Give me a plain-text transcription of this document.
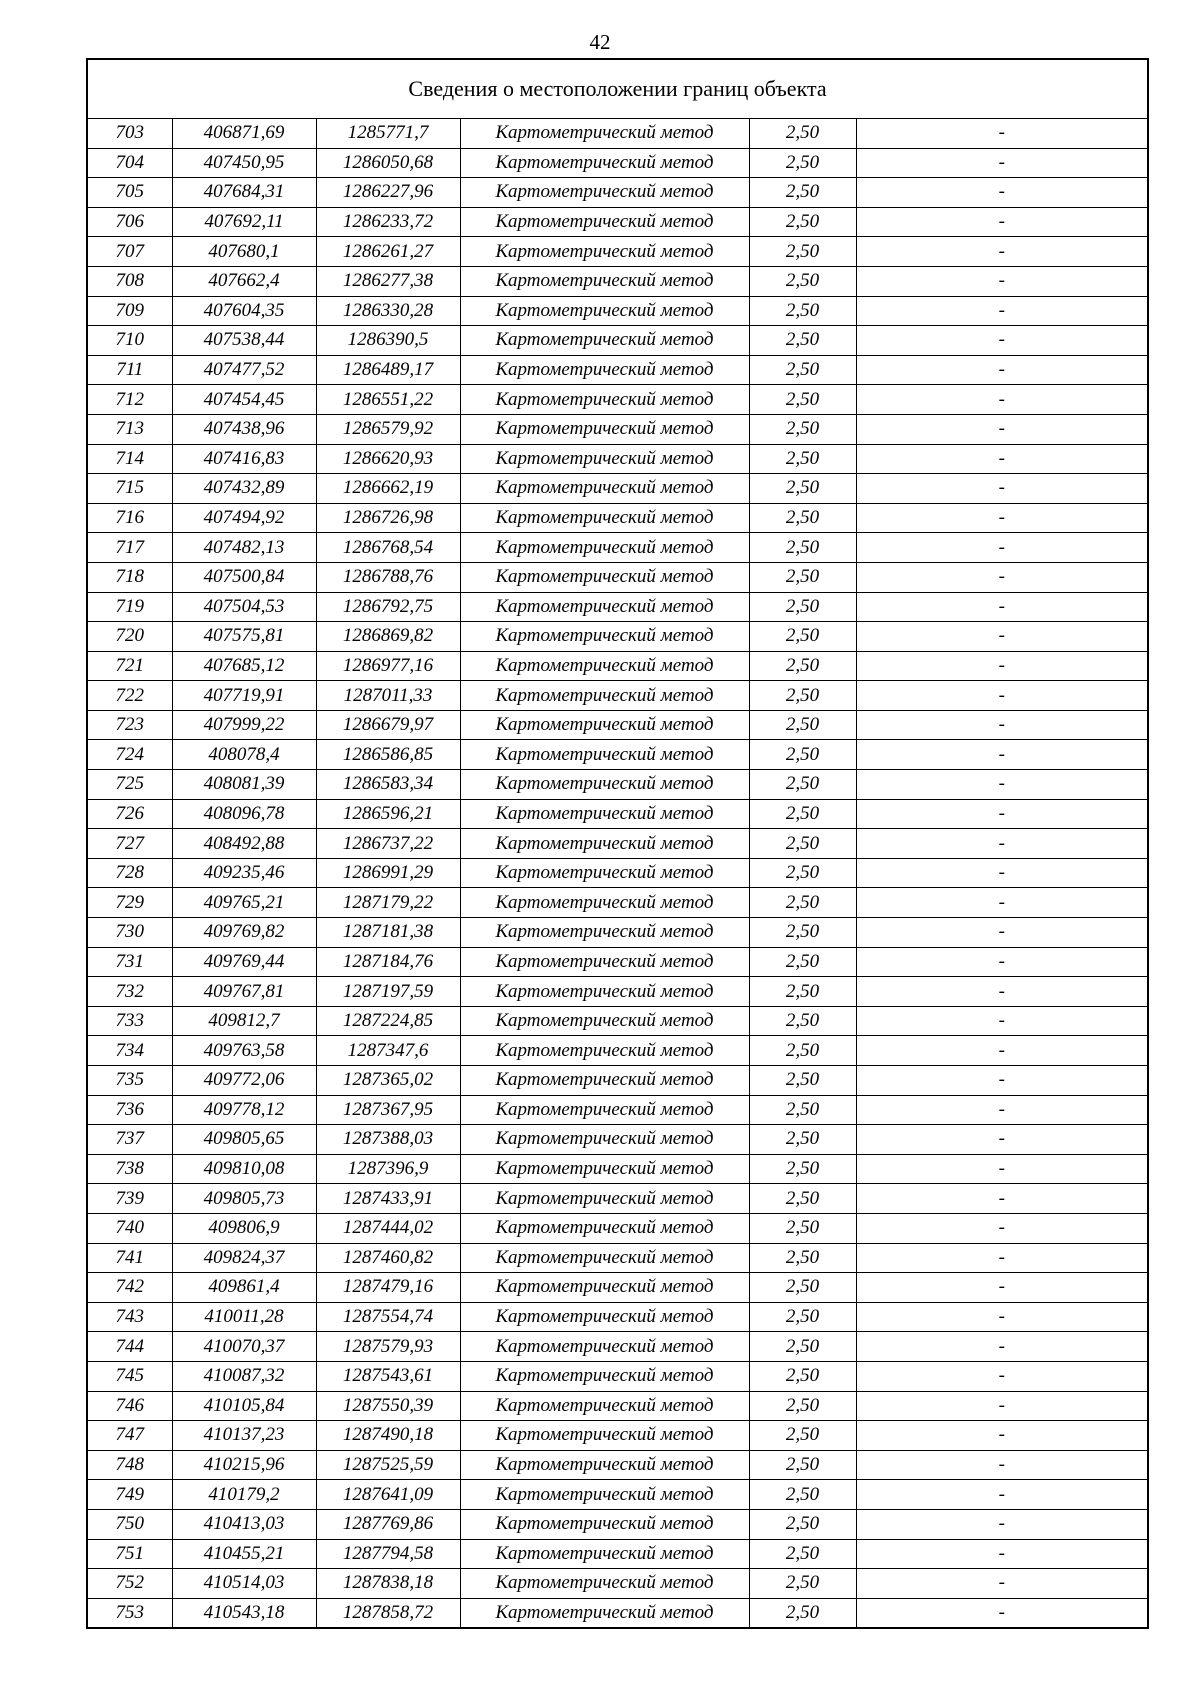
42
Сведения о местоположении границ объекта					
703	406871,69	1285771,7	Картометрический метод	2,50	-
704	407450,95	1286050,68	Картометрический метод	2,50	-
705	407684,31	1286227,96	Картометрический метод	2,50	-
706	407692,11	1286233,72	Картометрический метод	2,50	-
707	407680,1	1286261,27	Картометрический метод	2,50	-
708	407662,4	1286277,38	Картометрический метод	2,50	-
709	407604,35	1286330,28	Картометрический метод	2,50	-
710	407538,44	1286390,5	Картометрический метод	2,50	-
711	407477,52	1286489,17	Картометрический метод	2,50	-
712	407454,45	1286551,22	Картометрический метод	2,50	-
713	407438,96	1286579,92	Картометрический метод	2,50	-
714	407416,83	1286620,93	Картометрический метод	2,50	-
715	407432,89	1286662,19	Картометрический метод	2,50	-
716	407494,92	1286726,98	Картометрический метод	2,50	-
717	407482,13	1286768,54	Картометрический метод	2,50	-
718	407500,84	1286788,76	Картометрический метод	2,50	-
719	407504,53	1286792,75	Картометрический метод	2,50	-
720	407575,81	1286869,82	Картометрический метод	2,50	-
721	407685,12	1286977,16	Картометрический метод	2,50	-
722	407719,91	1287011,33	Картометрический метод	2,50	-
723	407999,22	1286679,97	Картометрический метод	2,50	-
724	408078,4	1286586,85	Картометрический метод	2,50	-
725	408081,39	1286583,34	Картометрический метод	2,50	-
726	408096,78	1286596,21	Картометрический метод	2,50	-
727	408492,88	1286737,22	Картометрический метод	2,50	-
728	409235,46	1286991,29	Картометрический метод	2,50	-
729	409765,21	1287179,22	Картометрический метод	2,50	-
730	409769,82	1287181,38	Картометрический метод	2,50	-
731	409769,44	1287184,76	Картометрический метод	2,50	-
732	409767,81	1287197,59	Картометрический метод	2,50	-
733	409812,7	1287224,85	Картометрический метод	2,50	-
734	409763,58	1287347,6	Картометрический метод	2,50	-
735	409772,06	1287365,02	Картометрический метод	2,50	-
736	409778,12	1287367,95	Картометрический метод	2,50	-
737	409805,65	1287388,03	Картометрический метод	2,50	-
738	409810,08	1287396,9	Картометрический метод	2,50	-
739	409805,73	1287433,91	Картометрический метод	2,50	-
740	409806,9	1287444,02	Картометрический метод	2,50	-
741	409824,37	1287460,82	Картометрический метод	2,50	-
742	409861,4	1287479,16	Картометрический метод	2,50	-
743	410011,28	1287554,74	Картометрический метод	2,50	-
744	410070,37	1287579,93	Картометрический метод	2,50	-
745	410087,32	1287543,61	Картометрический метод	2,50	-
746	410105,84	1287550,39	Картометрический метод	2,50	-
747	410137,23	1287490,18	Картометрический метод	2,50	-
748	410215,96	1287525,59	Картометрический метод	2,50	-
749	410179,2	1287641,09	Картометрический метод	2,50	-
750	410413,03	1287769,86	Картометрический метод	2,50	-
751	410455,21	1287794,58	Картометрический метод	2,50	-
752	410514,03	1287838,18	Картометрический метод	2,50	-
753	410543,18	1287858,72	Картометрический метод	2,50	-
